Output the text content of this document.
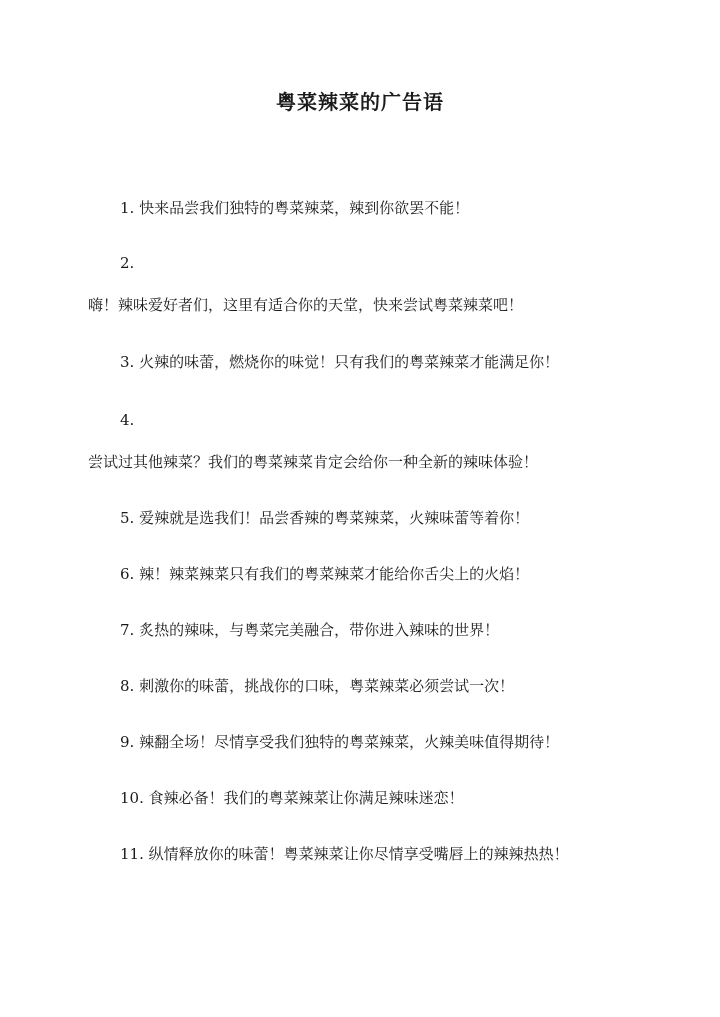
粤菜辣菜的广告语
1. 快来品尝我们独特的粤菜辣菜，辣到你欲罢不能！
2.
嗨！辣味爱好者们，这里有适合你的天堂，快来尝试粤菜辣菜吧！
3. 火辣的味蕾，燃烧你的味觉！只有我们的粤菜辣菜才能满足你！
4.
尝试过其他辣菜？我们的粤菜辣菜肯定会给你一种全新的辣味体验！
5. 爱辣就是选我们！品尝香辣的粤菜辣菜，火辣味蕾等着你！
6. 辣！辣菜辣菜只有我们的粤菜辣菜才能给你舌尖上的火焰！
7. 炙热的辣味，与粤菜完美融合，带你进入辣味的世界！
8. 刺激你的味蕾，挑战你的口味，粤菜辣菜必须尝试一次！
9. 辣翻全场！尽情享受我们独特的粤菜辣菜，火辣美味值得期待！
10. 食辣必备！我们的粤菜辣菜让你满足辣味迷恋！
11. 纵情释放你的味蕾！粤菜辣菜让你尽情享受嘴唇上的辣辣热热！
